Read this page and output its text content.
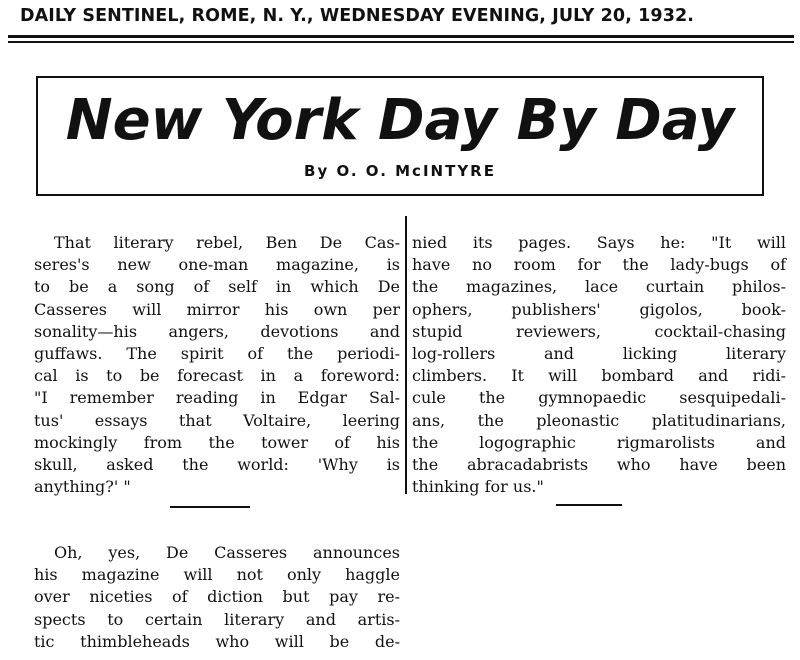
DAILY SENTINEL, ROME, N. Y., WEDNESDAY EVENING, JULY 20, 1932.
New York Day By Day
By O. O. McINTYRE
That literary rebel, Ben De Cas-
seres's new one-man magazine, is
to be a song of self in which De
Casseres will mirror his own per
sonality—his angers, devotions and
guffaws. The spirit of the periodi-
cal is to be forecast in a foreword:
"I remember reading in Edgar Sal-
tus' essays that Voltaire, leering
mockingly from the tower of his
skull, asked the world: 'Why is
anything?' "
Oh, yes, De Casseres announces
his magazine will not only haggle
over niceties of diction but pay re-
spects to certain literary and artis-
tic thimbleheads who will be de-
nied its pages. Says he: "It will
have no room for the lady-bugs of
the magazines, lace curtain philos-
ophers, publishers' gigolos, book-
stupid reviewers, cocktail-chasing
log-rollers and licking literary
climbers. It will bombard and ridi-
cule the gymnopaedic sesquipedali-
ans, the pleonastic platitudinarians,
the logographic rigmarolists and
the abracadabrists who have been
thinking for us."
